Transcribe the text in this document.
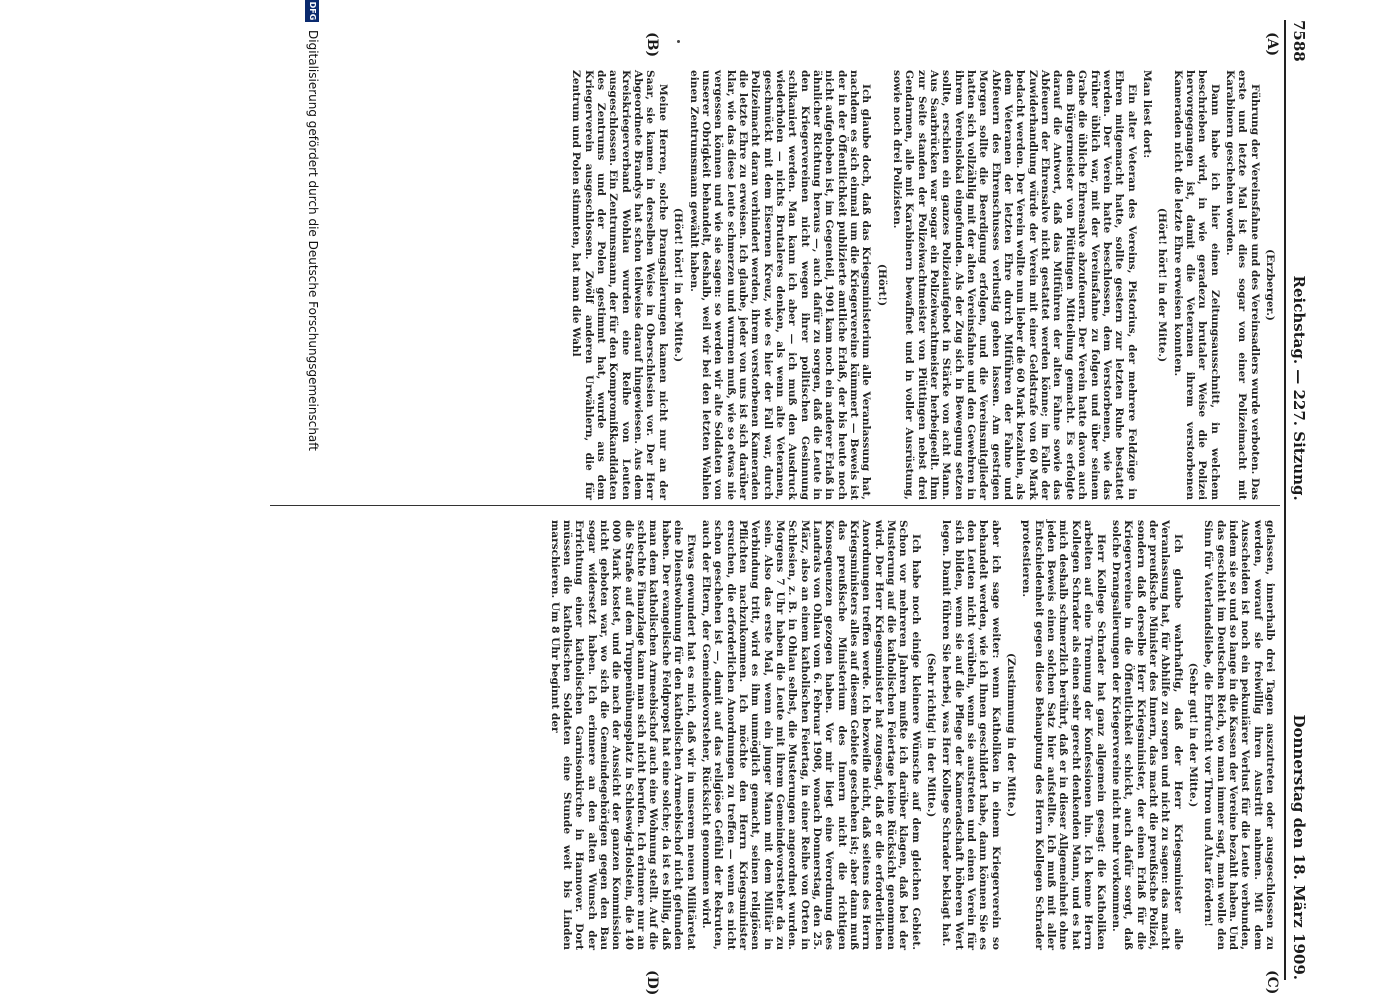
7588
Reichstag. — 227. Sitzung.
Donnerstag den 18. März 1909.
(A)
(B)
(C)
(D)

(Erzberger.)

Führung der Vereinsfahne und des Vereinsadlers wurde verboten. Das erste und letzte Mal ist dies sogar von einer Polizeimacht mit Karabinern geschehen worden.

Dann habe ich hier einen Zeitungsausschnitt, in welchem beschrieben wird, in wie geradezu brutaler Weise die Polizei hervorgegangen ist, damit die Veteranen ihrem verstorbenen Kameraden nicht die letzte Ehre erweisen konnten.

(Hört! hört! in der Mitte.)

Man liest dort:

Ein alter Veteran des Vereins, Pistorius, der mehrere Feldzüge in Ehren mitgemacht hatte, sollte gestern zur letzten Ruhe bestattet werden. Der Verein hatte beschlossen, dem Verstorbenen, wie das früher üblich war, mit der Vereinsfahne zu folgen und über seinem Grabe die übliche Ehrensalve abzufeuern. Der Verein hatte davon auch dem Bürgermeister von Plüttingen Mitteilung gemacht. Es erfolgte darauf die Antwort, daß das Mitführen der alten Fahne sowie das Abfeuern der Ehrensalve nicht gestattet werden könne; im Falle der Zuwiderhandlung würde der Verein mit einer Geldstrafe von 60 Mark bedacht werden. Der Verein wollte nun lieber die 60 Mark bezahlen, als dem Veteranen der letzten Ehre durch Mitführen der Fahne und Abfeuern des Ehrenschusses verlustig gehen lassen. Am gestrigen Morgen sollte die Beerdigung erfolgen, und die Vereinsmitglieder hatten sich vollzählig mit der alten Vereinsfahne und den Gewehren in ihrem Vereinslokal eingefunden. Als der Zug sich in Bewegung setzen sollte, erschien ein ganzes Polizeiaufgebot in Stärke von acht Mann. Aus Saarbrücken war sogar ein Polizeiwachtmeister herbeigeeilt. Ihm zur Seite standen der Polizeiwachtmeister von Plüttingen nebst drei Gendarmen, alle mit Karabinern bewaffnet und in voller Ausrüstung, sowie noch drei Polizisten.

(Hört!)

Ich glaube doch, daß das Kriegsministerium alle Veranlassung hat, nachdem es sich einmal um die Kriegervereine kümmert — Beweis ist der in der Öffentlichkeit publizierte amtliche Erlaß, der bis heute noch nicht aufgehoben ist, im Gegenteil, 1901 kam noch ein anderer Erlaß in ähnlicher Richtung heraus —, auch dafür zu sorgen, daß die Leute in den Kriegervereinen nicht wegen ihrer politischen Gesinnung schikaniert werden. Man kann ich aber — ich muß den Ausdruck wiederholen — nichts Brutaleres denken, als wenn alte Veteranen, geschmückt mit dem Eisernen Kreuz, wie es hier der Fall war, durch Polizeimacht daran verhindert werden, ihrem verstorbenen Kameraden die letzte Ehre zu erweisen. Ich glaube, jeder von uns ist sich darüber klar, wie das diese Leute schmerzen und wurmen muß, wie so etwas nie vergessen können und wie sie sagen: so werden wir alte Soldaten von unserer Obrigkeit behandelt, deshalb, weil wir bei den letzten Wahlen einen Zentrumsmann gewählt haben.

(Hört! hört! in der Mitte.)

Meine Herren, solche Drangsalierungen kamen nicht nur an der Saar, sie kamen in derselben Weise in Oberschlesien vor. Der Herr Abgeordnete Brandys hat schon teilweise darauf hingewiesen. Aus dem Kreiskriegerverband Wohlau wurden eine Reihe von Leuten ausgeschlossen. Ein Zentrumsmann, der für den Kompromißkandidaten des Zentrums und der Polen gestimmt hat, wurde aus dem Kriegerverein ausgeschlossen. Zwölf anderen Urwählern, die für Zentrum und Polen stimmten, hat man die Wahl

gelassen, innerhalb drei Tagen auszutreten oder ausgeschlossen zu werden, worauf sie freiwillig ihren Austritt nahmen. Mit dem Ausscheiden ist noch ein pekuniärer Verlust für die Leute verbunden, indem sie so und so lange in die Kassen der Vereine bezahlt haben. Und das geschieht im Deutschen Reich, wo man immer sagt, man wolle den Sinn für Vaterlandsliebe, die Ehrfurcht vor Thron und Altar fördern!

(Sehr gut! in der Mitte.)

Ich glaube wahrhaftig, daß der Herr Kriegsminister alle Veranlassung hat, für Abhilfe zu sorgen und nicht zu sagen: das macht der preußische Minister des Innern, das macht die preußische Polizei, sondern daß derselbe Herr Kriegsminister, der einen Erlaß für die Kriegervereine in die Öffentlichkeit schickt, auch dafür sorgt, daß solche Drangsalierungen der Kriegervereine nicht mehr vorkommen.

Herr Kollege Schrader hat ganz allgemein gesagt: die Katholiken arbeiten auf eine Trennung der Konfessionen hin. Ich kenne Herrn Kollegen Schrader als einen sehr gerecht denkenden Mann, und es hat mich deshalb schmerzlich berührt, daß er in dieser Allgemeinheit ohne jeden Beweis einen solchen Satz hier aufstellte. Ich muß mit aller Entschiedenheit gegen diese Behauptung des Herrn Kollegen Schrader protestieren.

(Zustimmung in der Mitte.)

aber ich sage weiter: wenn Katholiken in einem Kriegerverein so behandelt werden, wie ich Ihnen geschildert habe, dann können Sie es den Leuten nicht verübeln, wenn sie austreten und einen Verein für sich bilden, wenn sie auf die Pflege der Kameradschaft höheren Wert legen. Damit führen Sie herbei, was Herr Kollege Schrader beklagt hat.

(Sehr richtig! in der Mitte.)

Ich habe noch einige kleinere Wünsche auf dem gleichen Gebiet. Schon vor mehreren Jahren mußte ich darüber klagen, daß bei der Musterung auf die katholischen Feiertage keine Rücksicht genommen wird. Der Herr Kriegsminister hat zugesagt, daß er die erforderlichen Anordnungen treffen werde. Ich bezweifle nicht, daß seitens des Herrn Kriegsministers alles auf diesem Gebiete geschehen ist; aber dann muß das preußische Ministerium des Innern nicht die richtigen Konsequenzen gezogen haben. Vor mir liegt eine Verordnung des Landrats von Ohlau vom 6. Februar 1908, wonach Donnerstag, den 25. März, also an einem katholischen Feiertag, in einer Reihe von Orten in Schlesien, z. B. in Ohlau selbst, die Musterungen angeordnet wurden. Morgens 7 Uhr haben die Leute mit ihrem Gemeindevorsteher da zu sein. Also das erste Mal, wenn ein junger Mann mit dem Militär in Verbindung tritt, wird es ihm unmöglich gemacht, seinen religiösen Pflichten nachzukommen. Ich möchte den Herrn Kriegsminister ersuchen, die erforderlichen Anordnungen zu treffen — wenn es nicht schon geschehen ist —, damit auf das religiöse Gefühl der Rekruten, auch der Eltern, der Gemeindevorsteher, Rücksicht genommen wird.

Etwas gewundert hat es mich, daß wir in unserem neuen Militäretat eine Dienstwohnung für den katholischen Armeebischof nicht gefunden haben. Der evangelische Feldpropst hat eine solche; da ist es billig, daß man dem katholischen Armeebischof auch eine Wohnung stellt. Auf die schlechte Finanzlage kann man sich nicht berufen. Ich erinnere nur an die Straße auf dem Truppenübungsplatz in Schleswig-Holstein, die 140 000 Mark kostet, und die nach der Aussicht der ganzen Kommission nicht geboten war, wo sich die Gemeindegehörigen gegen den Bau sogar widersetzt haben. Ich erinnere an den alten Wunsch der Errichtung einer katholischen Garnisonkirche in Hannover. Dort müssen die katholischen Soldaten eine Stunde weit bis Linden marschieren. Um 8 Uhr beginnt der

DFG
Digitalisierung gefördert durch die Deutsche Forschungsgemeinschaft
